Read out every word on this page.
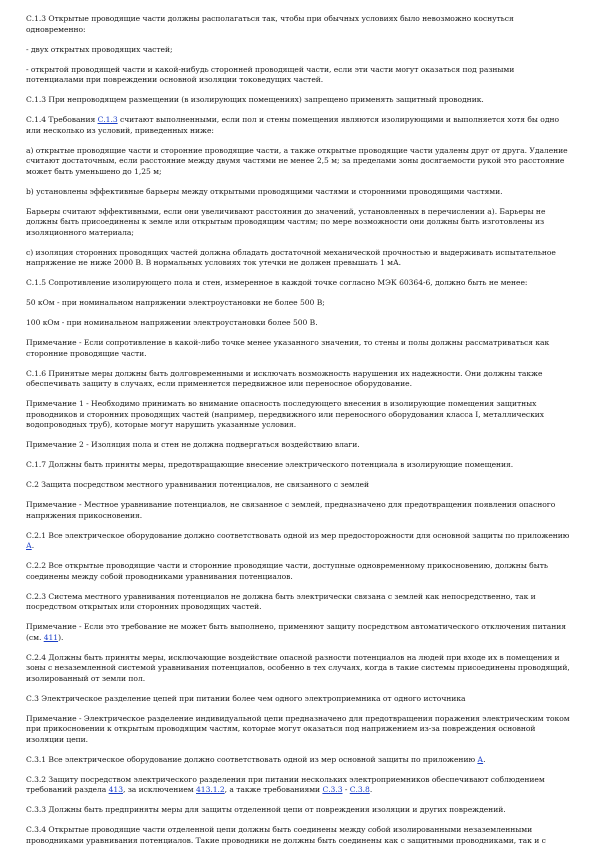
С.1.3 Открытые проводящие части должны располагаться так, чтобы при обычных условиях было невозможно коснуться одновременно:

- двух открытых проводящих частей;

- открытой проводящей части и какой-нибудь сторонней проводящей части, если эти части могут оказаться под разными потенциалами при повреждении основной изоляции токоведущих частей.

С.1.3 При непроводящем размещении (в изолирующих помещениях) запрещено применять защитный проводник.

С.1.4 Требования С.1.3 считают выполненными, если пол и стены помещения являются изолирующими и выполняется хотя бы одно или несколько из условий, приведенных ниже:

а) открытые проводящие части и сторонние проводящие части, а также открытые проводящие части удалены друг от друга. Удаление считают достаточным, если расстояние между двумя частями не менее 2,5 м; за пределами зоны досягаемости рукой это расстояние может быть уменьшено до 1,25 м;

b) установлены эффективные барьеры между открытыми проводящими частями и сторонними проводящими частями.

Барьеры считают эффективными, если они увеличивают расстояния до значений, установленных в перечислении а). Барьеры не должны быть присоединены к земле или открытым проводящим частям; по мере возможности они должны быть изготовлены из изоляционного материала;

с) изоляция сторонних проводящих частей должна обладать достаточной механической прочностью и выдерживать испытательное напряжение не ниже 2000 В. В нормальных условиях ток утечки не должен превышать 1 мА.

С.1.5 Сопротивление изолирующего пола и стен, измеренное в каждой точке согласно МЭК 60364-6, должно быть не менее:

50 кОм - при номинальном напряжении электроустановки не более 500 В;

100 кОм - при номинальном напряжении электроустановки более 500 В.

Примечание - Если сопротивление в какой-либо точке менее указанного значения, то стены и полы должны рассматриваться как сторонние проводящие части.

С.1.6 Принятые меры должны быть долговременными и исключать возможность нарушения их надежности. Они должны также обеспечивать защиту в случаях, если применяется передвижное или переносное оборудование.

Примечание 1 - Необходимо принимать во внимание опасность последующего внесения в изолирующие помещения защитных проводников и сторонних проводящих частей (например, передвижного или переносного оборудования класса I, металлических водопроводных труб), которые могут нарушить указанные условия.

Примечание 2 - Изоляция пола и стен не должна подвергаться воздействию влаги.

С.1.7 Должны быть приняты меры, предотвращающие внесение электрического потенциала в изолирующие помещения.

С.2 Защита посредством местного уравнивания потенциалов, не связанного с землей

Примечание - Местное уравнивание потенциалов, не связанное с землей, предназначено для предотвращения появления опасного напряжения прикосновения.

С.2.1 Все электрическое оборудование должно соответствовать одной из мер предосторожности для основной защиты по приложению А.

С.2.2 Все открытые проводящие части и сторонние проводящие части, доступные одновременному прикосновению, должны быть соединены между собой проводниками уравнивания потенциалов.

С.2.3 Система местного уравнивания потенциалов не должна быть электрически связана с землей как непосредственно, так и посредством открытых или сторонних проводящих частей.

Примечание - Если это требование не может быть выполнено, применяют защиту посредством автоматического отключения питания (см. 411).

С.2.4 Должны быть приняты меры, исключающие воздействие опасной разности потенциалов на людей при входе их в помещения и зоны с незаземленной системой уравнивания потенциалов, особенно в тех случаях, когда в такие системы присоединены проводящий, изолированный от земли пол.

С.3 Электрическое разделение цепей при питании более чем одного электроприемника от одного источника

Примечание - Электрическое разделение индивидуальной цепи предназначено для предотвращения поражения электрическим током при прикосновении к открытым проводящим частям, которые могут оказаться под напряжением из-за повреждения основной изоляции цепи.

С.3.1 Все электрическое оборудование должно соответствовать одной из мер основной защиты по приложению А.

С.3.2 Защиту посредством электрического разделения при питании нескольких электроприемников обеспечивают соблюдением требований раздела 413, за исключением 413.1.2, а также требованиями С.3.3 - С.3.8.

С.3.3 Должны быть предприняты меры для защиты отделенной цепи от повреждения изоляции и других повреждений.

С.3.4 Открытые проводящие части отделенной цепи должны быть соединены между собой изолированными незаземленными проводниками уравнивания потенциалов. Такие проводники не должны быть соединены как с защитными проводниками, так и с
